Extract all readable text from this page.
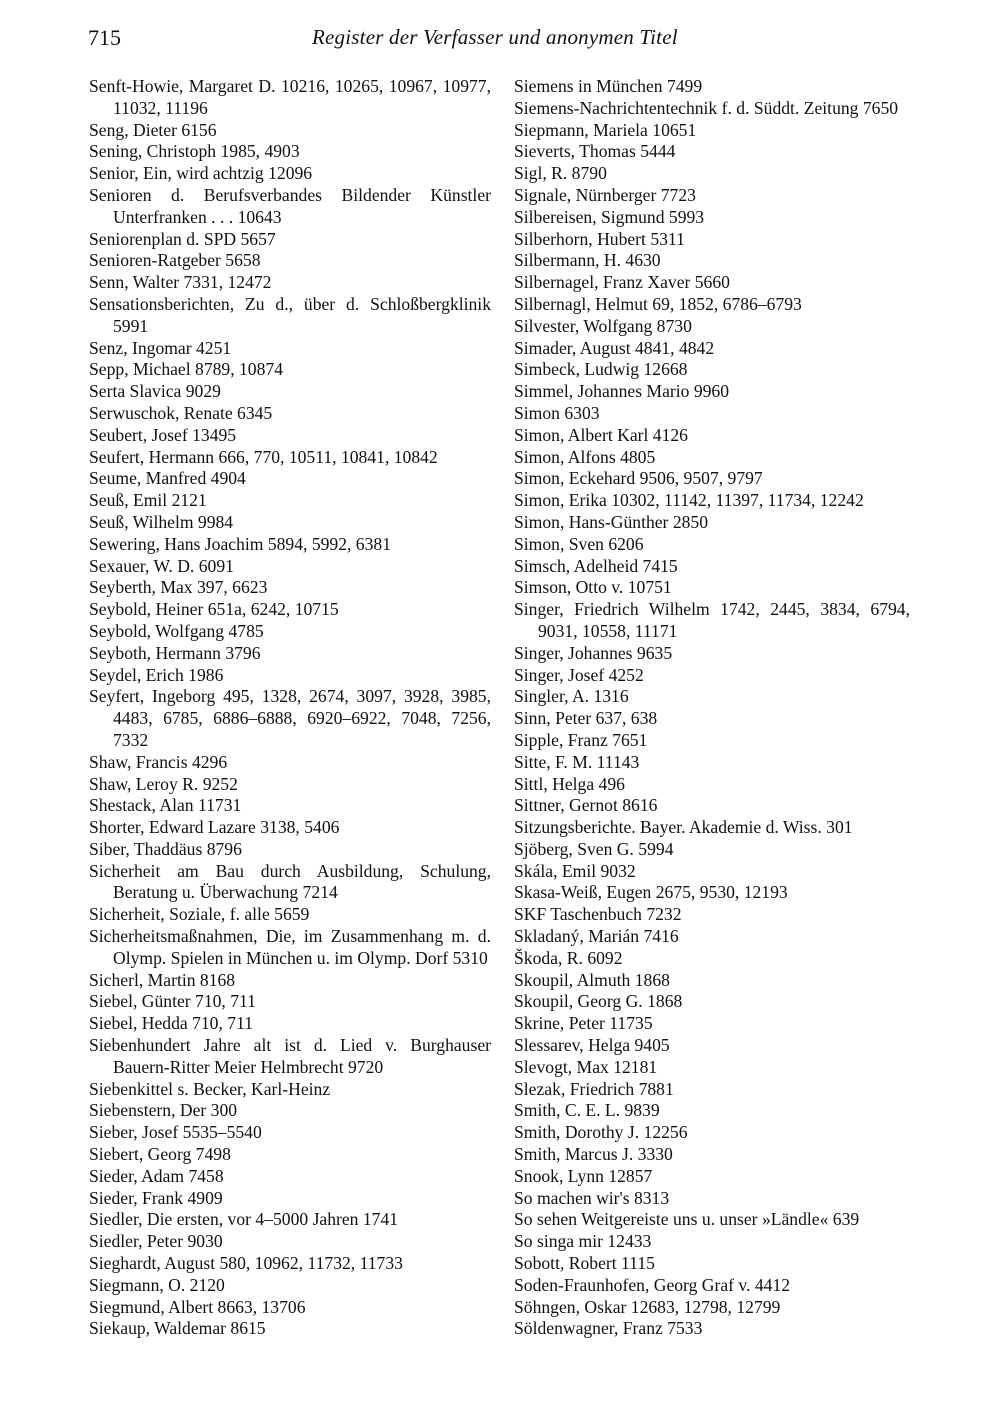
715	Register der Verfasser und anonymen Titel
Senft-Howie, Margaret D. 10216, 10265, 10967, 10977, 11032, 11196
Seng, Dieter 6156
Sening, Christoph 1985, 4903
Senior, Ein, wird achtzig 12096
Senioren d. Berufsverbandes Bildender Künstler Unterfranken . . . 10643
Seniorenplan d. SPD 5657
Senioren-Ratgeber 5658
Senn, Walter 7331, 12472
Sensationsberichten, Zu d., über d. Schloßbergklinik 5991
Senz, Ingomar 4251
Sepp, Michael 8789, 10874
Serta Slavica 9029
Serwuschok, Renate 6345
Seubert, Josef 13495
Seufert, Hermann 666, 770, 10511, 10841, 10842
Seume, Manfred 4904
Seuß, Emil 2121
Seuß, Wilhelm 9984
Sewering, Hans Joachim 5894, 5992, 6381
Sexauer, W. D. 6091
Seyberth, Max 397, 6623
Seybold, Heiner 651a, 6242, 10715
Seybold, Wolfgang 4785
Seyboth, Hermann 3796
Seydel, Erich 1986
Seyfert, Ingeborg 495, 1328, 2674, 3097, 3928, 3985, 4483, 6785, 6886–6888, 6920–6922, 7048, 7256, 7332
Shaw, Francis 4296
Shaw, Leroy R. 9252
Shestack, Alan 11731
Shorter, Edward Lazare 3138, 5406
Siber, Thaddäus 8796
Sicherheit am Bau durch Ausbildung, Schulung, Beratung u. Überwachung 7214
Sicherheit, Soziale, f. alle 5659
Sicherheitsmaßnahmen, Die, im Zusammenhang m. d. Olymp. Spielen in München u. im Olymp. Dorf 5310
Sicherl, Martin 8168
Siebel, Günter 710, 711
Siebel, Hedda 710, 711
Siebenhundert Jahre alt ist d. Lied v. Burghauser Bauern-Ritter Meier Helmbrecht 9720
Siebenkittel s. Becker, Karl-Heinz
Siebenstern, Der 300
Sieber, Josef 5535–5540
Siebert, Georg 7498
Sieder, Adam 7458
Sieder, Frank 4909
Siedler, Die ersten, vor 4–5000 Jahren 1741
Siedler, Peter 9030
Sieghardt, August 580, 10962, 11732, 11733
Siegmann, O. 2120
Siegmund, Albert 8663, 13706
Siekaup, Waldemar 8615
Siemens in München 7499
Siemens-Nachrichtentechnik f. d. Süddt. Zeitung 7650
Siepmann, Mariela 10651
Sieverts, Thomas 5444
Sigl, R. 8790
Signale, Nürnberger 7723
Silbereisen, Sigmund 5993
Silberhorn, Hubert 5311
Silbermann, H. 4630
Silbernagel, Franz Xaver 5660
Silbernagl, Helmut 69, 1852, 6786–6793
Silvester, Wolfgang 8730
Simader, August 4841, 4842
Simbeck, Ludwig 12668
Simmel, Johannes Mario 9960
Simon 6303
Simon, Albert Karl 4126
Simon, Alfons 4805
Simon, Eckehard 9506, 9507, 9797
Simon, Erika 10302, 11142, 11397, 11734, 12242
Simon, Hans-Günther 2850
Simon, Sven 6206
Simsch, Adelheid 7415
Simson, Otto v. 10751
Singer, Friedrich Wilhelm 1742, 2445, 3834, 6794, 9031, 10558, 11171
Singer, Johannes 9635
Singer, Josef 4252
Singler, A. 1316
Sinn, Peter 637, 638
Sipple, Franz 7651
Sitte, F. M. 11143
Sittl, Helga 496
Sittner, Gernot 8616
Sitzungsberichte. Bayer. Akademie d. Wiss. 301
Sjöberg, Sven G. 5994
Skála, Emil 9032
Skasa-Weiß, Eugen 2675, 9530, 12193
SKF Taschenbuch 7232
Skladaný, Marián 7416
Škoda, R. 6092
Skoupil, Almuth 1868
Skoupil, Georg G. 1868
Skrine, Peter 11735
Slessarev, Helga 9405
Slevogt, Max 12181
Slezak, Friedrich 7881
Smith, C. E. L. 9839
Smith, Dorothy J. 12256
Smith, Marcus J. 3330
Snook, Lynn 12857
So machen wir's 8313
So sehen Weitgereiste uns u. unser »Ländle« 639
So singa mir 12433
Sobott, Robert 1115
Soden-Fraunhofen, Georg Graf v. 4412
Söhngen, Oskar 12683, 12798, 12799
Söldenwagner, Franz 7533
